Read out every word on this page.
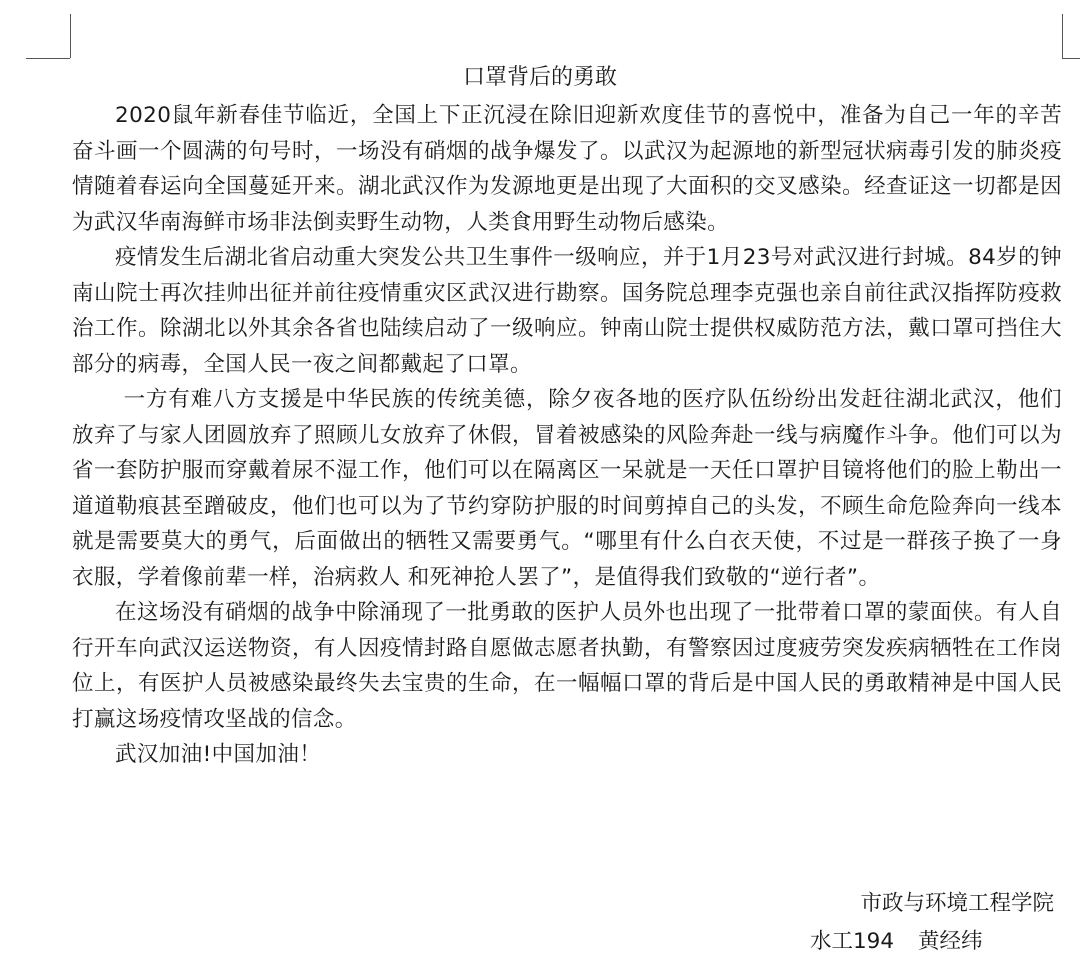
口罩背后的勇敢

2020鼠年新春佳节临近，全国上下正沉浸在除旧迎新欢度佳节的喜悦中，准备为自己一年的辛苦奋斗画一个圆满的句号时，一场没有硝烟的战争爆发了。以武汉为起源地的新型冠状病毒引发的肺炎疫情随着春运向全国蔓延开来。湖北武汉作为发源地更是出现了大面积的交叉感染。经查证这一切都是因为武汉华南海鲜市场非法倒卖野生动物，人类食用野生动物后感染。

疫情发生后湖北省启动重大突发公共卫生事件一级响应，并于1月23号对武汉进行封城。84岁的钟南山院士再次挂帅出征并前往疫情重灾区武汉进行勘察。国务院总理李克强也亲自前往武汉指挥防疫救治工作。除湖北以外其余各省也陆续启动了一级响应。钟南山院士提供权威防范方法，戴口罩可挡住大部分的病毒，全国人民一夜之间都戴起了口罩。

一方有难八方支援是中华民族的传统美德，除夕夜各地的医疗队伍纷纷出发赶往湖北武汉，他们放弃了与家人团圆放弃了照顾儿女放弃了休假，冒着被感染的风险奔赴一线与病魔作斗争。他们可以为省一套防护服而穿戴着尿不湿工作，他们可以在隔离区一呆就是一天任口罩护目镜将他们的脸上勒出一道道勒痕甚至蹭破皮，他们也可以为了节约穿防护服的时间剪掉自己的头发，不顾生命危险奔向一线本就是需要莫大的勇气，后面做出的牺牲又需要勇气。“哪里有什么白衣天使，不过是一群孩子换了一身衣服，学着像前辈一样，治病救人 和死神抢人罢了”，是值得我们致敬的“逆行者”。

在这场没有硝烟的战争中除涌现了一批勇敢的医护人员外也出现了一批带着口罩的蒙面侠。有人自行开车向武汉运送物资，有人因疫情封路自愿做志愿者执勤，有警察因过度疲劳突发疾病牺牲在工作岗位上，有医护人员被感染最终失去宝贵的生命，在一幅幅口罩的背后是中国人民的勇敢精神是中国人民打赢这场疫情攻坚战的信念。

武汉加油!中国加油！

市政与环境工程学院
水工194 黄经纬
